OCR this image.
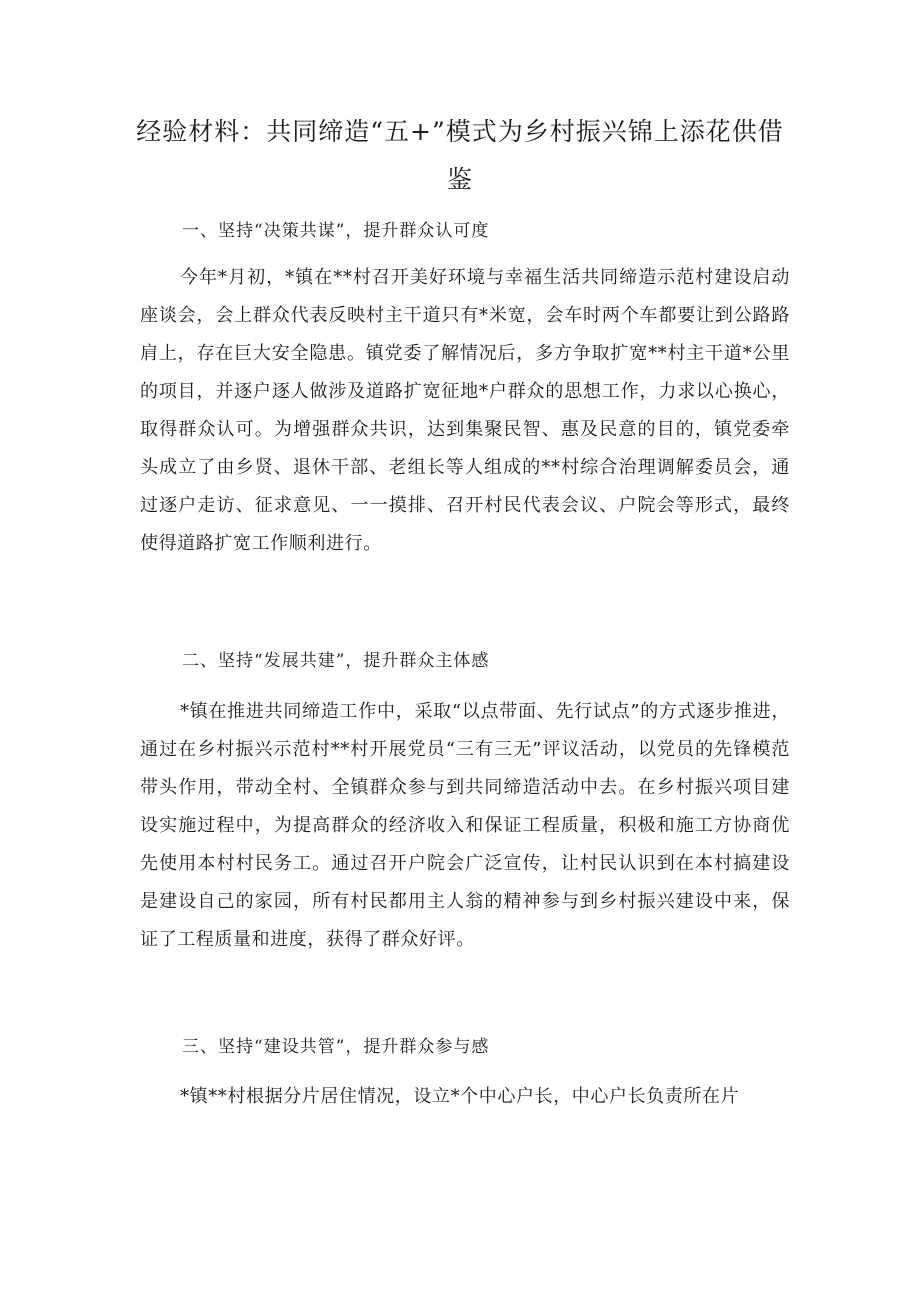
经验材料：共同缔造“五+”模式为乡村振兴锦上添花供借
鉴
一、坚持“决策共谋”，提升群众认可度

今年*月初，*镇在**村召开美好环境与幸福生活共同缔造示范村建设启动座谈会，会上群众代表反映村主干道只有*米宽，会车时两个车都要让到公路路肩上，存在巨大安全隐患。镇党委了解情况后，多方争取扩宽**村主干道*公里的项目，并逐户逐人做涉及道路扩宽征地*户群众的思想工作，力求以心换心，取得群众认可。为增强群众共识，达到集聚民智、惠及民意的目的，镇党委牵头成立了由乡贤、退休干部、老组长等人组成的**村综合治理调解委员会，通过逐户走访、征求意见、一一摸排、召开村民代表会议、户院会等形式，最终使得道路扩宽工作顺利进行。

二、坚持“发展共建”，提升群众主体感

*镇在推进共同缔造工作中，采取“以点带面、先行试点”的方式逐步推进，通过在乡村振兴示范村**村开展党员“三有三无”评议活动，以党员的先锋模范带头作用，带动全村、全镇群众参与到共同缔造活动中去。在乡村振兴项目建设实施过程中，为提高群众的经济收入和保证工程质量，积极和施工方协商优先使用本村村民务工。通过召开户院会广泛宣传，让村民认识到在本村搞建设是建设自己的家园，所有村民都用主人翁的精神参与到乡村振兴建设中来，保证了工程质量和进度，获得了群众好评。

三、坚持“建设共管”，提升群众参与感

*镇**村根据分片居住情况，设立*个中心户长，中心户长负责所在片
